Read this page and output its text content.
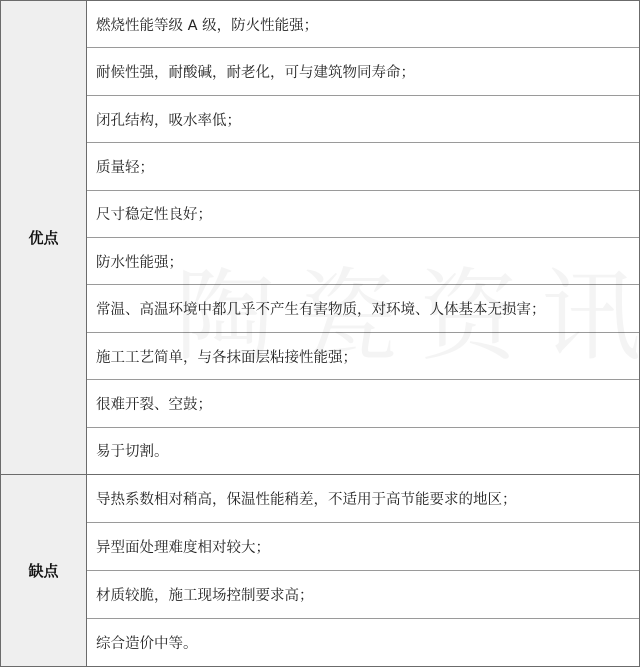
优点
燃烧性能等级 A 级，防火性能强；
耐候性强，耐酸碱，耐老化，可与建筑物同寿命；
闭孔结构，吸水率低；
质量轻；
尺寸稳定性良好；
防水性能强；
常温、高温环境中都几乎不产生有害物质，对环境、人体基本无损害；
施工工艺简单，与各抹面层粘接性能强；
很难开裂、空鼓；
易于切割。
缺点
导热系数相对稍高，保温性能稍差，不适用于高节能要求的地区；
异型面处理难度相对较大；
材质较脆，施工现场控制要求高；
综合造价中等。
